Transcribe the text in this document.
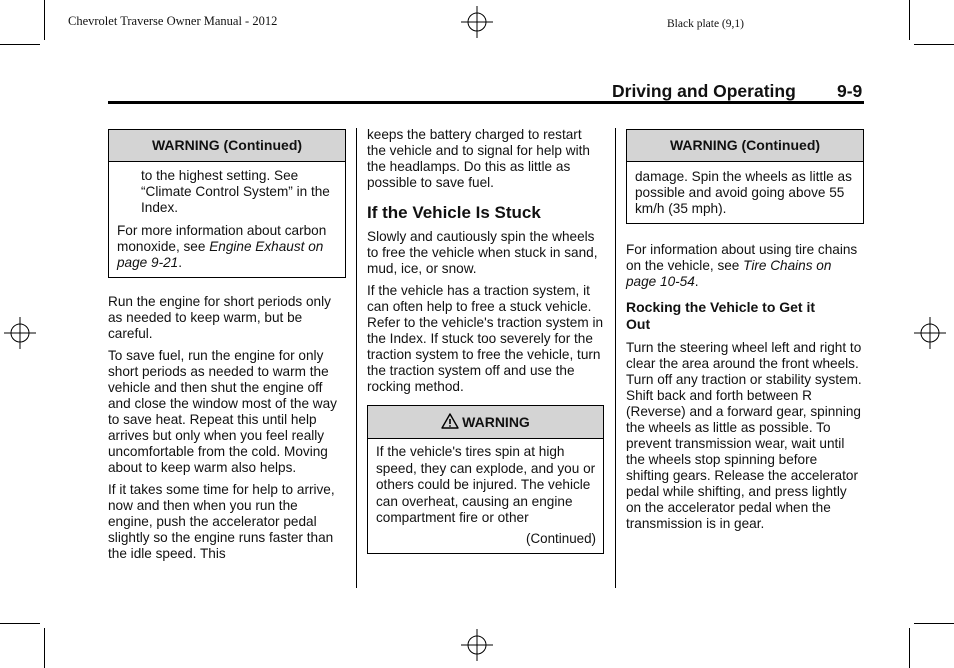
Chevrolet Traverse Owner Manual - 2012	Black plate (9,1)
Driving and Operating 9-9
WARNING (Continued)

to the highest setting. See “Climate Control System” in the Index.

For more information about carbon monoxide, see Engine Exhaust on page 9-21.

Run the engine for short periods only as needed to keep warm, but be careful.

To save fuel, run the engine for only short periods as needed to warm the vehicle and then shut the engine off and close the window most of the way to save heat. Repeat this until help arrives but only when you feel really uncomfortable from the cold. Moving about to keep warm also helps.

If it takes some time for help to arrive, now and then when you run the engine, push the accelerator pedal slightly so the engine runs faster than the idle speed. This

keeps the battery charged to restart the vehicle and to signal for help with the headlamps. Do this as little as possible to save fuel.

If the Vehicle Is Stuck

Slowly and cautiously spin the wheels to free the vehicle when stuck in sand, mud, ice, or snow.

If the vehicle has a traction system, it can often help to free a stuck vehicle. Refer to the vehicle's traction system in the Index. If stuck too severely for the traction system to free the vehicle, turn the traction system off and use the rocking method.

WARNING

If the vehicle's tires spin at high speed, they can explode, and you or others could be injured. The vehicle can overheat, causing an engine compartment fire or other

(Continued)
WARNING (Continued)

damage. Spin the wheels as little as possible and avoid going above 55 km/h (35 mph).

For information about using tire chains on the vehicle, see Tire Chains on page 10-54.

Rocking the Vehicle to Get it Out

Turn the steering wheel left and right to clear the area around the front wheels. Turn off any traction or stability system. Shift back and forth between R (Reverse) and a forward gear, spinning the wheels as little as possible. To prevent transmission wear, wait until the wheels stop spinning before shifting gears. Release the accelerator pedal while shifting, and press lightly on the accelerator pedal when the transmission is in gear.
